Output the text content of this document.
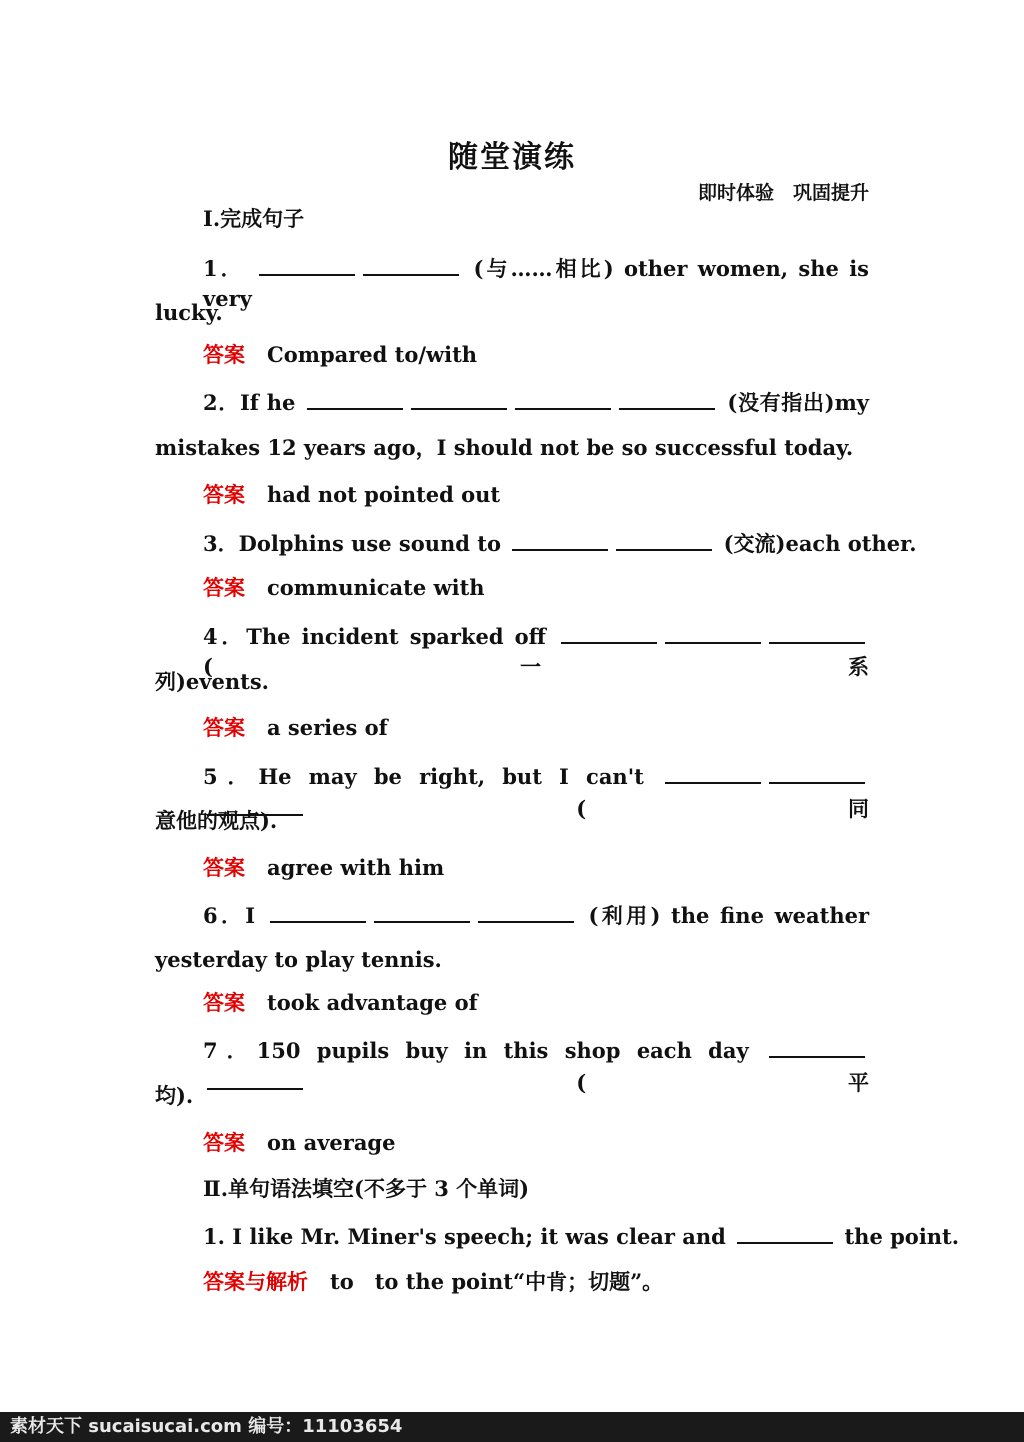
随堂演练
即时体验　巩固提升
Ⅰ.完成句子
1．	(与……相比) other women, she is very
lucky.
答案 Compared to/with
2．If he	(没有指出)my
mistakes 12 years ago，I should not be so successful today.
答案 had not pointed out
3．Dolphins use sound to	(交流)each other.
答案 communicate with
4．The incident sparked off  (一系
列)events.
答案 a series of
5．He may be right, but I can't  (同
意他的观点).
答案 agree with him
6．I	(利用) the fine weather
yesterday to play tennis.
答案 took advantage of
7．150 pupils buy in this shop each day  (平
均).
答案 on average
Ⅱ.单句语法填空(不多于 3 个单词)
1. I like Mr. Miner's speech; it was clear and	the point.
答案与解析 to　to the point“中肯；切题”。
素材天下 sucaisucai.com 编号：11103654
